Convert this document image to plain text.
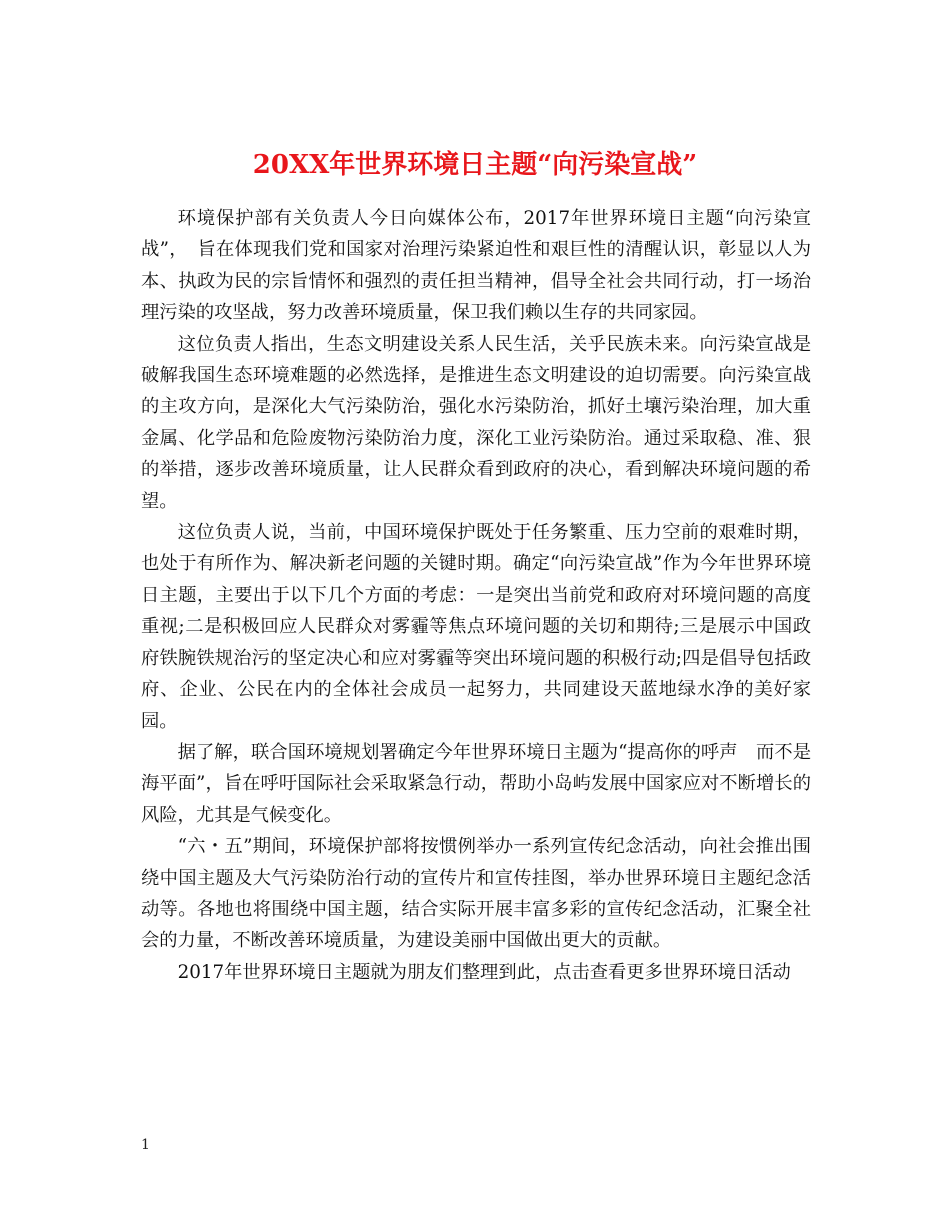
20XX年世界环境日主题“向污染宣战”

环境保护部有关负责人今日向媒体公布，2017年世界环境日主题“向污染宣战”，　旨在体现我们党和国家对治理污染紧迫性和艰巨性的清醒认识，彰显以人为本、执政为民的宗旨情怀和强烈的责任担当精神，倡导全社会共同行动，打一场治理污染的攻坚战，努力改善环境质量，保卫我们赖以生存的共同家园。

这位负责人指出，生态文明建设关系人民生活，关乎民族未来。向污染宣战是破解我国生态环境难题的必然选择，是推进生态文明建设的迫切需要。向污染宣战的主攻方向，是深化大气污染防治，强化水污染防治，抓好土壤污染治理，加大重金属、化学品和危险废物污染防治力度，深化工业污染防治。通过采取稳、准、狠的举措，逐步改善环境质量，让人民群众看到政府的决心，看到解决环境问题的希望。

这位负责人说，当前，中国环境保护既处于任务繁重、压力空前的艰难时期，也处于有所作为、解决新老问题的关键时期。确定“向污染宣战”作为今年世界环境日主题，主要出于以下几个方面的考虑：一是突出当前党和政府对环境问题的高度重视;二是积极回应人民群众对雾霾等焦点环境问题的关切和期待;三是展示中国政府铁腕铁规治污的坚定决心和应对雾霾等突出环境问题的积极行动;四是倡导包括政府、企业、公民在内的全体社会成员一起努力，共同建设天蓝地绿水净的美好家园。

据了解，联合国环境规划署确定今年世界环境日主题为“提高你的呼声　而不是海平面”，旨在呼吁国际社会采取紧急行动，帮助小岛屿发展中国家应对不断增长的风险，尤其是气候变化。

“六・五”期间，环境保护部将按惯例举办一系列宣传纪念活动，向社会推出围绕中国主题及大气污染防治行动的宣传片和宣传挂图，举办世界环境日主题纪念活动等。各地也将围绕中国主题，结合实际开展丰富多彩的宣传纪念活动，汇聚全社会的力量，不断改善环境质量，为建设美丽中国做出更大的贡献。

2017年世界环境日主题就为朋友们整理到此，点击查看更多世界环境日活动

1
